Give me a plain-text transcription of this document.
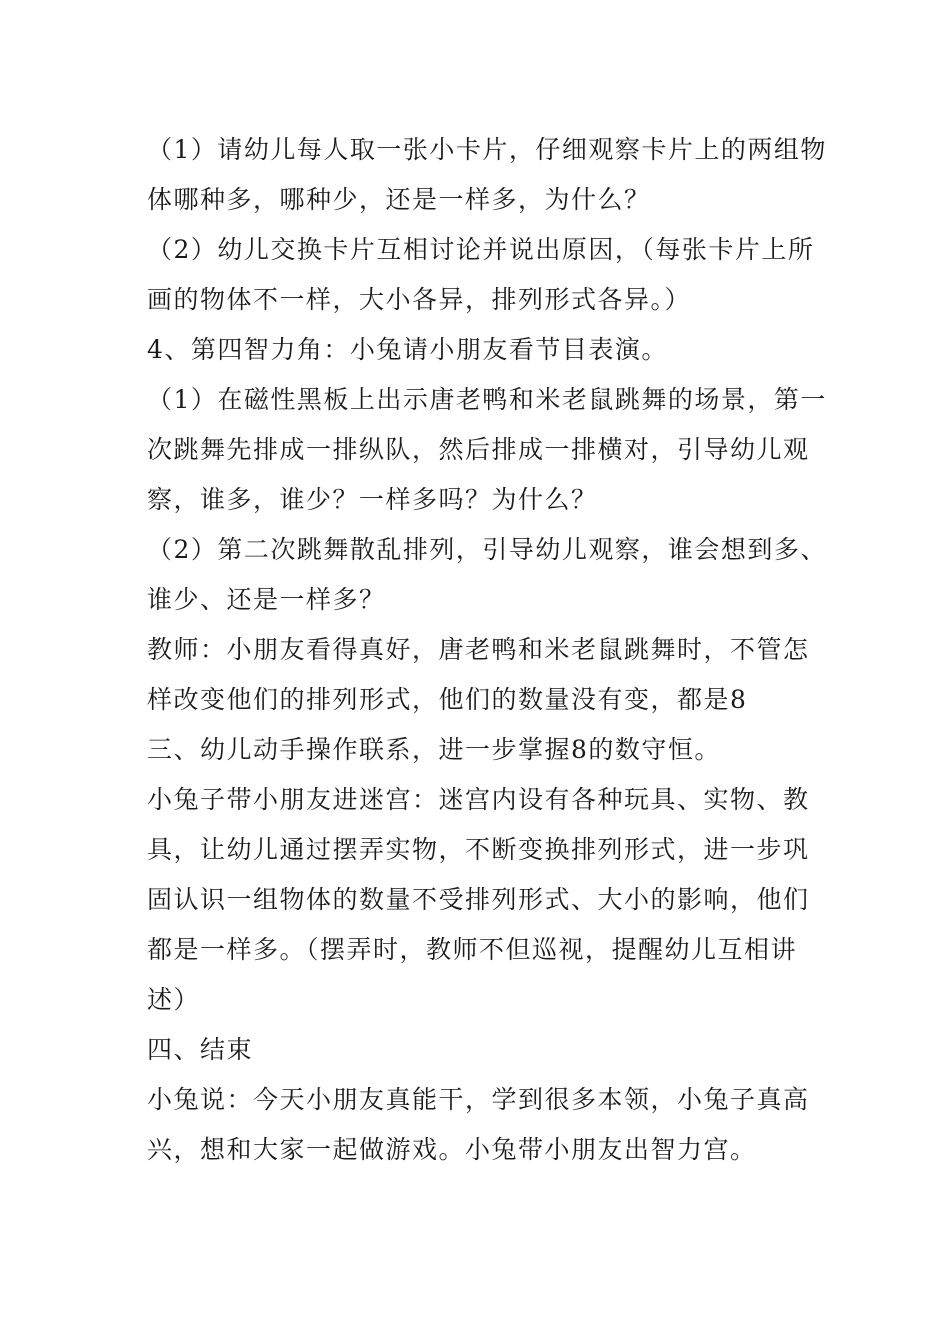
（1）请幼儿每人取一张小卡片，仔细观察卡片上的两组物
体哪种多，哪种少，还是一样多，为什么？
（2）幼儿交换卡片互相讨论并说出原因，（每张卡片上所
画的物体不一样，大小各异，排列形式各异。）
4、第四智力角：小兔请小朋友看节目表演。
（1）在磁性黑板上出示唐老鸭和米老鼠跳舞的场景，第一
次跳舞先排成一排纵队，然后排成一排横对，引导幼儿观
察，谁多，谁少？一样多吗？为什么？
（2）第二次跳舞散乱排列，引导幼儿观察，谁会想到多、
谁少、还是一样多？
教师：小朋友看得真好，唐老鸭和米老鼠跳舞时，不管怎
样改变他们的排列形式，他们的数量没有变，都是8
三、幼儿动手操作联系，进一步掌握8的数守恒。
小兔子带小朋友进迷宫：迷宫内设有各种玩具、实物、教
具，让幼儿通过摆弄实物，不断变换排列形式，进一步巩
固认识一组物体的数量不受排列形式、大小的影响，他们
都是一样多。（摆弄时，教师不但巡视，提醒幼儿互相讲
述）
四、结束
小兔说：今天小朋友真能干，学到很多本领，小兔子真高
兴，想和大家一起做游戏。小兔带小朋友出智力宫。
